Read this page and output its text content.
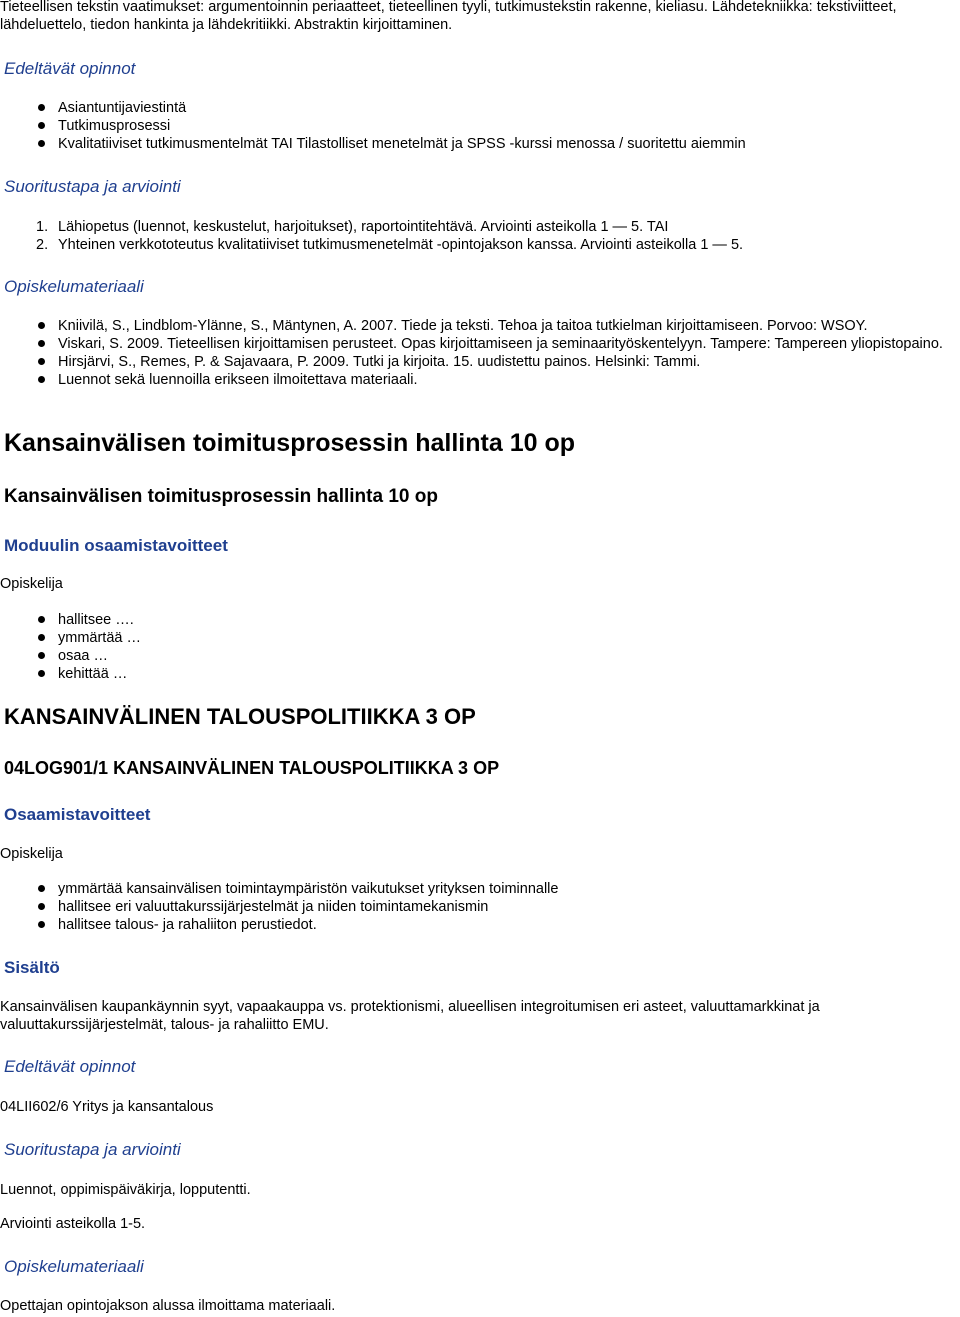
Tieteellisen tekstin vaatimukset: argumentoinnin periaatteet, tieteellinen tyyli, tutkimustekstin rakenne, kieliasu. Lähdetekniikka: tekstiviitteet,
lähdeluettelo, tiedon hankinta ja lähdekritiikki. Abstraktin kirjoittaminen.
Edeltävät opinnot
Asiantuntijaviestintä
Tutkimusprosessi
Kvalitatiiviset tutkimusmentelmät TAI Tilastolliset menetelmät ja SPSS -kurssi menossa / suoritettu aiemmin
Suoritustapa ja arviointi
1. Lähiopetus (luennot, keskustelut, harjoitukset), raportointitehtävä. Arviointi asteikolla 1 — 5. TAI
2. Yhteinen verkkototeutus kvalitatiiviset tutkimusmenetelmät -opintojakson kanssa. Arviointi asteikolla 1 — 5.
Opiskelumateriaali
Kniivilä, S., Lindblom-Ylänne, S., Mäntynen, A. 2007. Tiede ja teksti. Tehoa ja taitoa tutkielman kirjoittamiseen. Porvoo: WSOY.
Viskari, S. 2009. Tieteellisen kirjoittamisen perusteet. Opas kirjoittamiseen ja seminaarityöskentelyyn. Tampere: Tampereen yliopistopaino.
Hirsjärvi, S., Remes, P. & Sajavaara, P. 2009. Tutki ja kirjoita. 15. uudistettu painos. Helsinki: Tammi.
Luennot sekä luennoilla erikseen ilmoitettava materiaali.
Kansainvälisen toimitusprosessin hallinta 10 op
Kansainvälisen toimitusprosessin hallinta 10 op
Moduulin osaamistavoitteet
Opiskelija
hallitsee ….
ymmärtää …
osaa …
kehittää …
KANSAINVÄLINEN TALOUSPOLITIIKKA 3 OP
04LOG901/1 KANSAINVÄLINEN TALOUSPOLITIIKKA 3 OP
Osaamistavoitteet
Opiskelija
ymmärtää kansainvälisen toimintaympäristön vaikutukset yrityksen toiminnalle
hallitsee eri valuuttakurssijärjestelmät ja niiden toimintamekanismin
hallitsee talous- ja rahaliiton perustiedot.
Sisältö
Kansainvälisen kaupankäynnin syyt, vapaakauppa vs. protektionismi, alueellisen integroitumisen eri asteet, valuuttamarkkinat ja
valuuttakurssijärjestelmät, talous- ja rahaliitto EMU.
Edeltävät opinnot
04LII602/6 Yritys ja kansantalous
Suoritustapa ja arviointi
Luennot, oppimispäiväkirja, lopputentti.
Arviointi asteikolla 1-5.
Opiskelumateriaali
Opettajan opintojakson alussa ilmoittama materiaali.
